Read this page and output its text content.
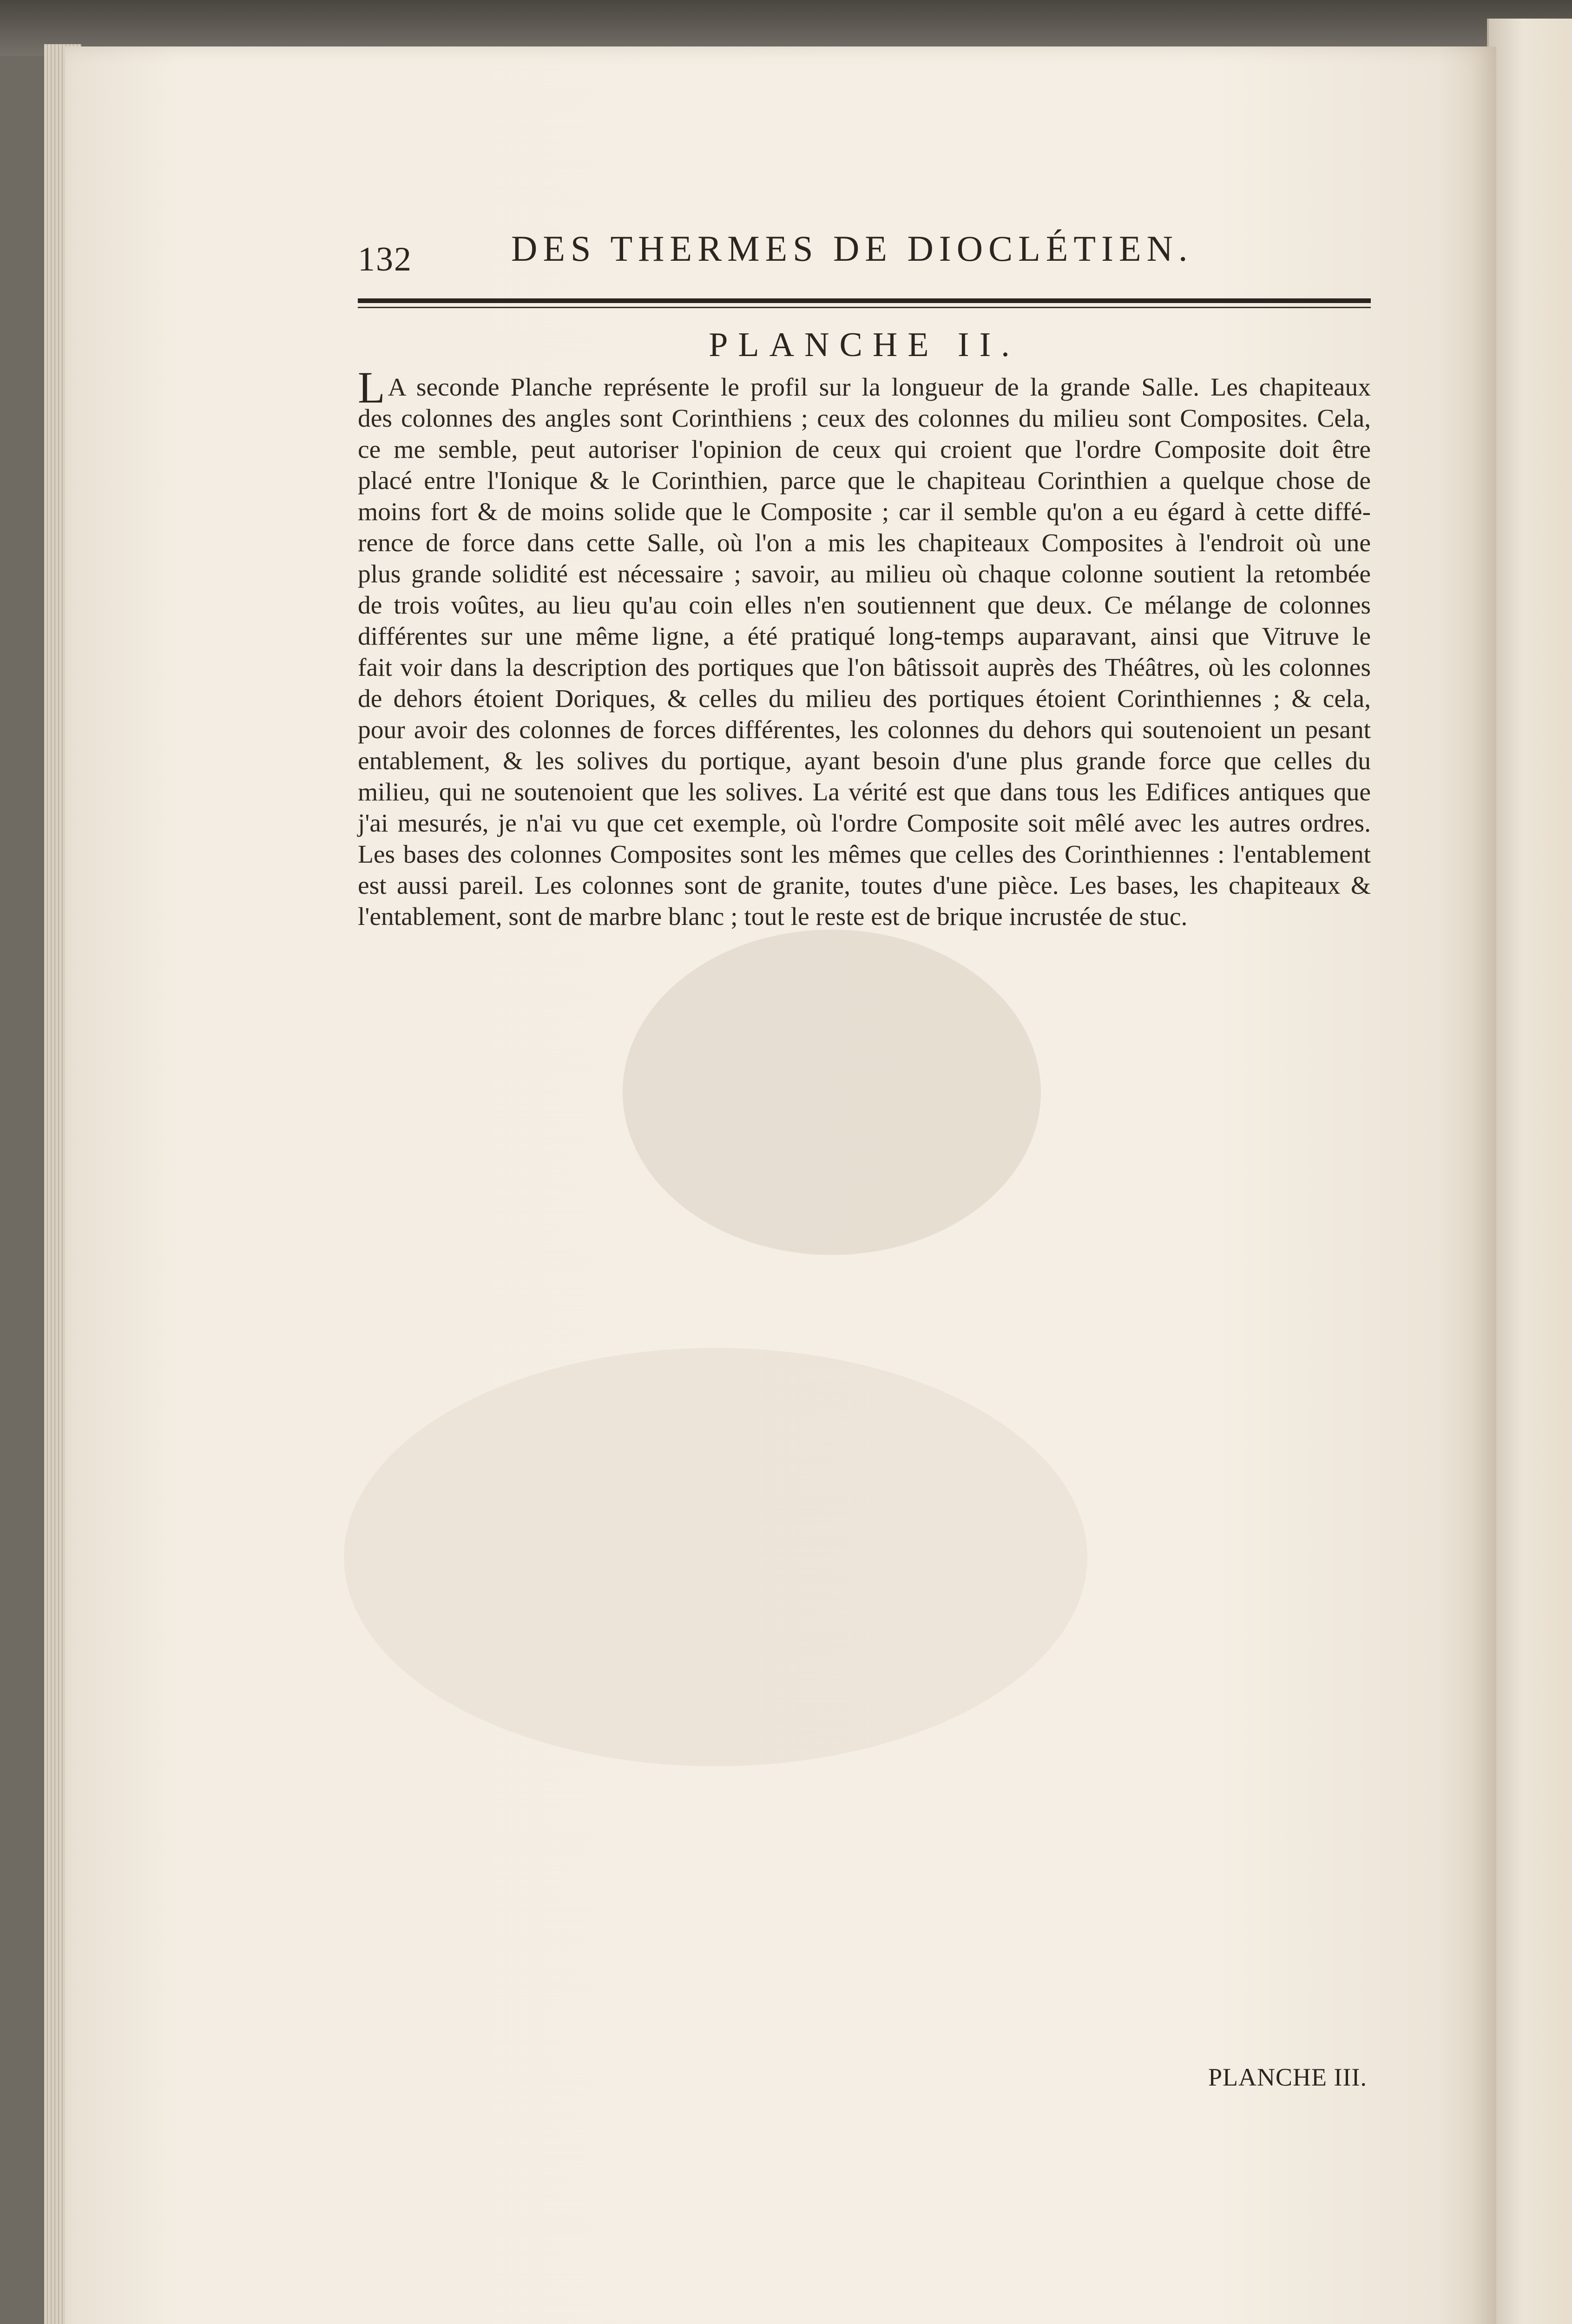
132	DES THERMES DE DIOCLÉTIEN.
PLANCHE II.
L A seconde Planche représente le profil sur la longueur de la grande Salle. Les chapiteaux
des colonnes des angles sont Corinthiens ; ceux des colonnes du milieu sont Composites. Cela,
ce me semble, peut autoriser l'opinion de ceux qui croient que l'ordre Composite doit être
placé entre l'Ionique & le Corinthien, parce que le chapiteau Corinthien a quelque chose de
moins fort & de moins solide que le Composite ; car il semble qu'on a eu égard à cette diffé-
rence de force dans cette Salle, où l'on a mis les chapiteaux Composites à l'endroit où une
plus grande solidité est nécessaire ; savoir, au milieu où chaque colonne soutient la retombée
de trois voûtes, au lieu qu'au coin elles n'en soutiennent que deux. Ce mélange de colonnes
différentes sur une même ligne, a été pratiqué long-temps auparavant, ainsi que Vitruve le
fait voir dans la description des portiques que l'on bâtissoit auprès des Théâtres, où les colonnes
de dehors étoient Doriques, & celles du milieu des portiques étoient Corinthiennes ; & cela,
pour avoir des colonnes de forces différentes, les colonnes du dehors qui soutenoient un pesant
entablement, & les solives du portique, ayant besoin d'une plus grande force que celles du
milieu, qui ne soutenoient que les solives. La vérité est que dans tous les Edifices antiques que
j'ai mesurés, je n'ai vu que cet exemple, où l'ordre Composite soit mêlé avec les autres ordres.
Les bases des colonnes Composites sont les mêmes que celles des Corinthiennes : l'entablement
est aussi pareil. Les colonnes sont de granite, toutes d'une pièce. Les bases, les chapiteaux &
l'entablement, sont de marbre blanc ; tout le reste est de brique incrustée de stuc.
PLANCHE III.
